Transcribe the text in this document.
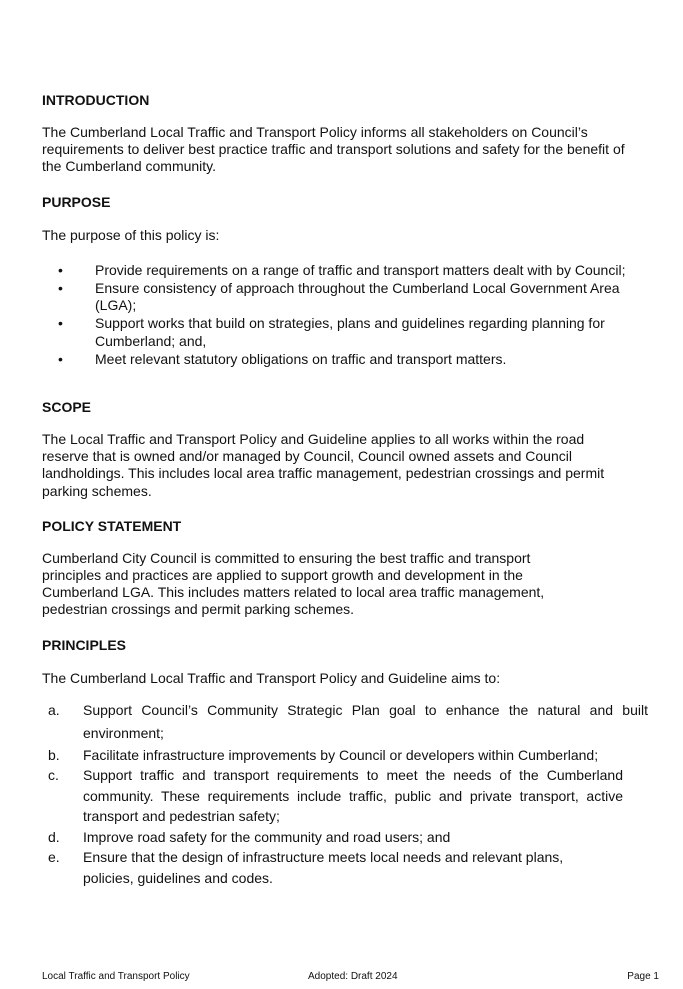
INTRODUCTION

The Cumberland Local Traffic and Transport Policy informs all stakeholders on Council’s requirements to deliver best practice traffic and transport solutions and safety for the benefit of the Cumberland community.

PURPOSE

The purpose of this policy is:

• Provide requirements on a range of traffic and transport matters dealt with by Council;
• Ensure consistency of approach throughout the Cumberland Local Government Area (LGA);
• Support works that build on strategies, plans and guidelines regarding planning for Cumberland; and,
• Meet relevant statutory obligations on traffic and transport matters.
SCOPE

The Local Traffic and Transport Policy and Guideline applies to all works within the road reserve that is owned and/or managed by Council, Council owned assets and Council landholdings. This includes local area traffic management, pedestrian crossings and permit parking schemes.

POLICY STATEMENT

Cumberland City Council is committed to ensuring the best traffic and transport principles and practices are applied to support growth and development in the Cumberland LGA. This includes matters related to local area traffic management, pedestrian crossings and permit parking schemes.

PRINCIPLES

The Cumberland Local Traffic and Transport Policy and Guideline aims to:

a. Support Council’s Community Strategic Plan goal to enhance the natural and built environment;
b. Facilitate infrastructure improvements by Council or developers within Cumberland;
c. Support traffic and transport requirements to meet the needs of the Cumberland community. These requirements include traffic, public and private transport, active transport and pedestrian safety;
d. Improve road safety for the community and road users; and
e. Ensure that the design of infrastructure meets local needs and relevant plans, policies, guidelines and codes.
Local Traffic and Transport Policy	Adopted: Draft 2024	Page 1
